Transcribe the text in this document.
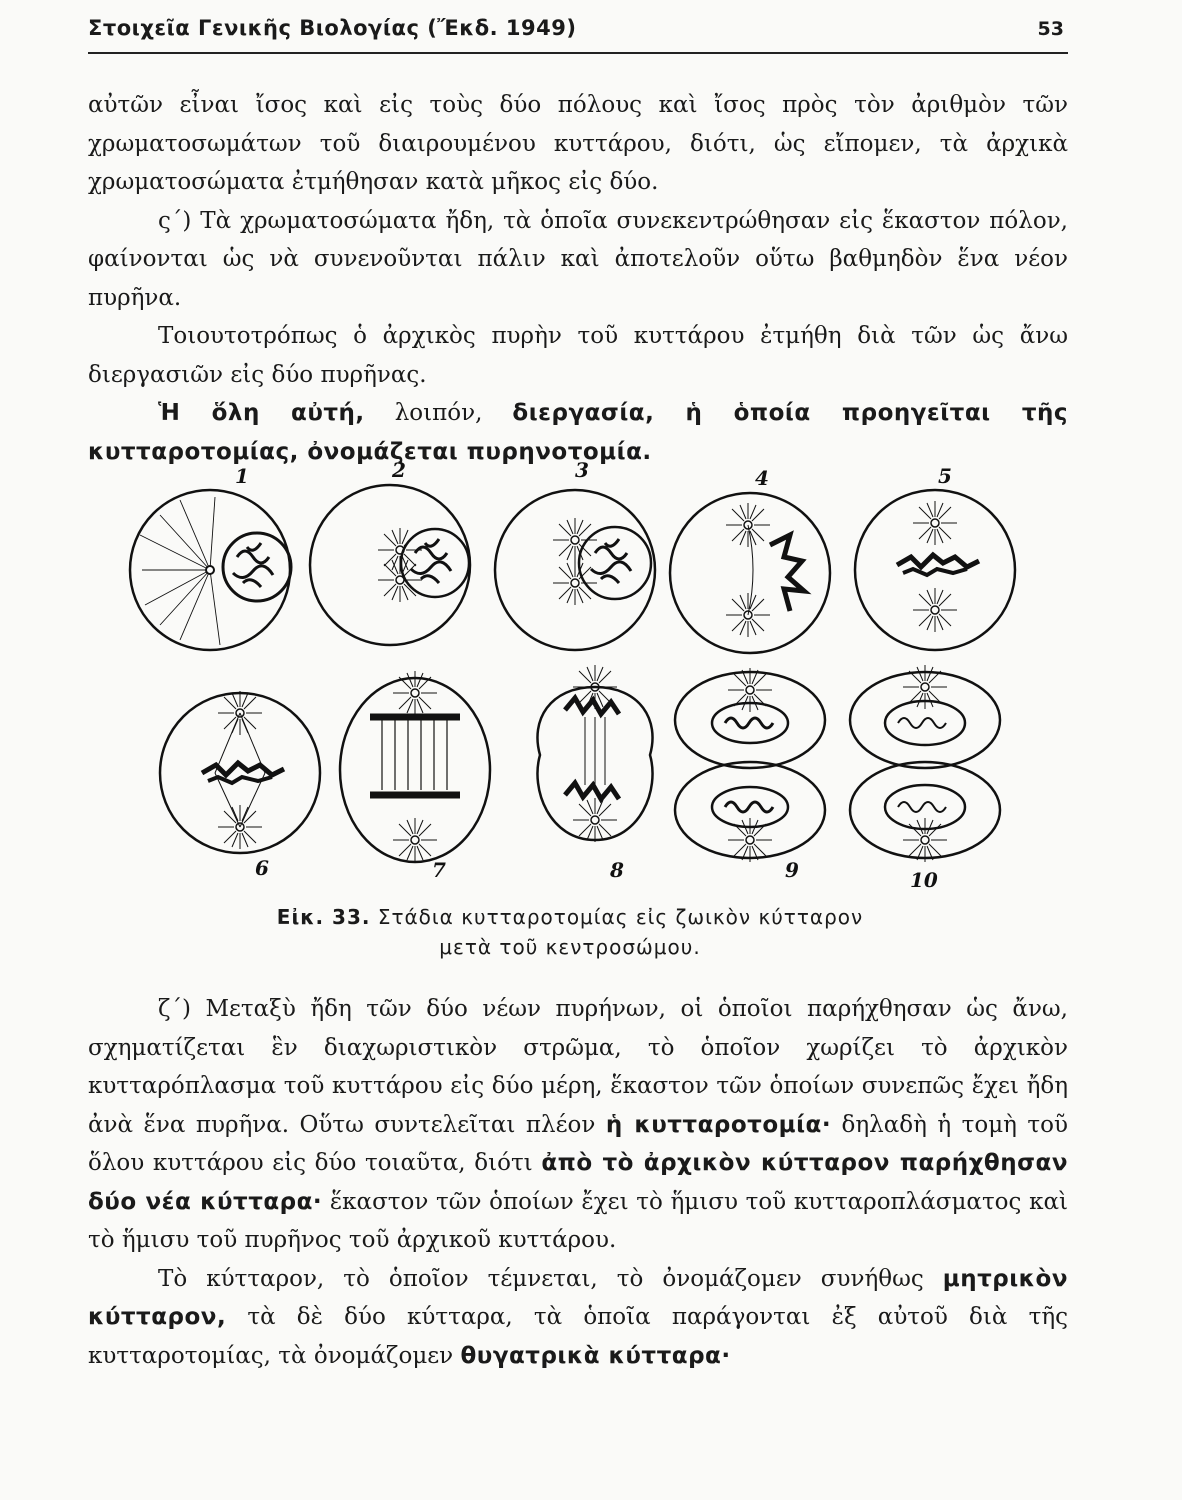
Στοιχεῖα Γενικῆς Βιολογίας (Ἔκδ. 1949)	53

αὐτῶν εἶναι ἴσος καὶ εἰς τοὺς δύο πόλους καὶ ἴσος πρὸς τὸν ἀριθμὸν τῶν χρωματοσωμάτων τοῦ διαιρουμένου κυττάρου, διότι, ὡς εἴπομεν, τὰ ἀρχικὰ χρωματοσώματα ἐτμήθησαν κατὰ μῆκος εἰς δύο.

ς΄) Τὰ χρωματοσώματα ἤδη, τὰ ὁποῖα συνεκεντρώθησαν εἰς ἕκαστον πόλον, φαίνονται ὡς νὰ συνενοῦνται πάλιν καὶ ἀποτελοῦν οὕτω βαθμηδὸν ἕνα νέον πυρῆνα.

Τοιουτοτρόπως ὁ ἀρχικὸς πυρὴν τοῦ κυττάρου ἐτμήθη διὰ τῶν ὡς ἄνω διεργασιῶν εἰς δύο πυρῆνας.

Ἡ ὅλη αὐτή, λοιπόν, διεργασία, ἡ ὁποία προηγεῖται τῆς κυτταροτομίας, ὀνομάζεται πυρηνοτομία.

1	2	3	4	5
6	7	8	9	10
Εἰκ. 33. Στάδια κυτταροτομίας εἰς ζωικὸν κύτταρον
μετὰ τοῦ κεντροσώμου.

ζ΄) Μεταξὺ ἤδη τῶν δύο νέων πυρήνων, οἱ ὁποῖοι παρήχθησαν ὡς ἄνω, σχηματίζεται ἓν διαχωριστικὸν στρῶμα, τὸ ὁποῖον χωρίζει τὸ ἀρχικὸν κυτταρόπλασμα τοῦ κυττάρου εἰς δύο μέρη, ἕκαστον τῶν ὁποίων συνεπῶς ἔχει ἤδη ἀνὰ ἕνα πυρῆνα. Οὕτω συντελεῖται πλέον ἡ κυτταροτομία· δηλαδὴ ἡ τομὴ τοῦ ὅλου κυττάρου εἰς δύο τοιαῦτα, διότι ἀπὸ τὸ ἀρχικὸν κύτταρον παρήχθησαν δύο νέα κύτταρα· ἕκαστον τῶν ὁποίων ἔχει τὸ ἥμισυ τοῦ κυτταροπλάσματος καὶ τὸ ἥμισυ τοῦ πυρῆνος τοῦ ἀρχικοῦ κυττάρου.

Τὸ κύτταρον, τὸ ὁποῖον τέμνεται, τὸ ὀνομάζομεν συνήθως μητρικὸν κύτταρον, τὰ δὲ δύο κύτταρα, τὰ ὁποῖα παράγονται ἐξ αὐτοῦ διὰ τῆς κυτταροτομίας, τὰ ὀνομάζομεν θυγατρικὰ κύτταρα·
